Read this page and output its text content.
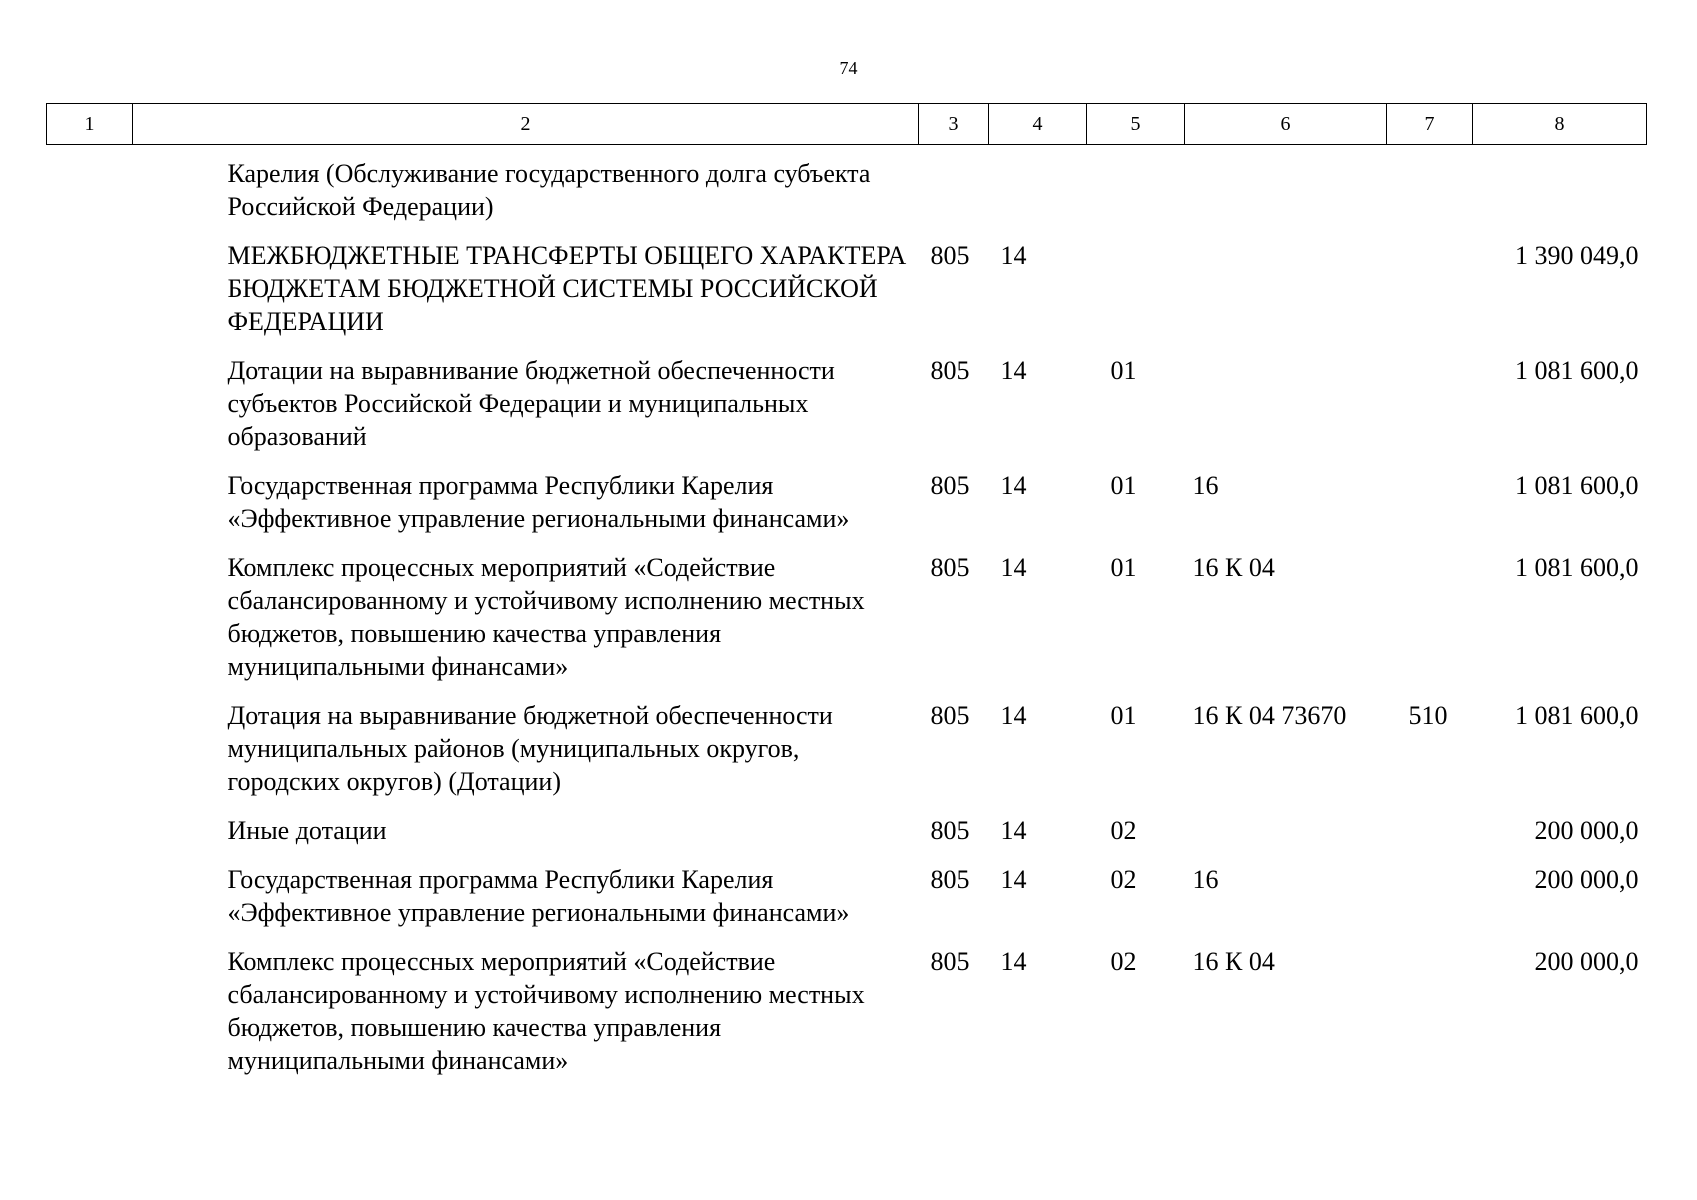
74
1	2	3	4	5	6	7	8
	Карелия (Обслуживание государственного долга субъекта Российской Федерации)						
	МЕЖБЮДЖЕТНЫЕ ТРАНСФЕРТЫ ОБЩЕГО ХАРАКТЕРА БЮДЖЕТАМ БЮДЖЕТНОЙ СИСТЕМЫ РОССИЙСКОЙ ФЕДЕРАЦИИ	805	14				1 390 049,0
	Дотации на выравнивание бюджетной обеспеченности субъектов Российской Федерации и муниципальных образований	805	14	01			1 081 600,0
	Государственная программа Республики Карелия «Эффективное управление региональными финансами»	805	14	01	16		1 081 600,0
	Комплекс процессных мероприятий «Содействие сбалансированному и устойчивому исполнению местных бюджетов, повышению качества управления муниципальными финансами»	805	14	01	16 К 04		1 081 600,0
	Дотация на выравнивание бюджетной обеспеченности муниципальных районов (муниципальных округов, городских округов) (Дотации)	805	14	01	16 К 04 73670	510	1 081 600,0
	Иные дотации	805	14	02			200 000,0
	Государственная программа Республики Карелия «Эффективное управление региональными финансами»	805	14	02	16		200 000,0
	Комплекс процессных мероприятий «Содействие сбалансированному и устойчивому исполнению местных бюджетов, повышению качества управления муниципальными финансами»	805	14	02	16 К 04		200 000,0
